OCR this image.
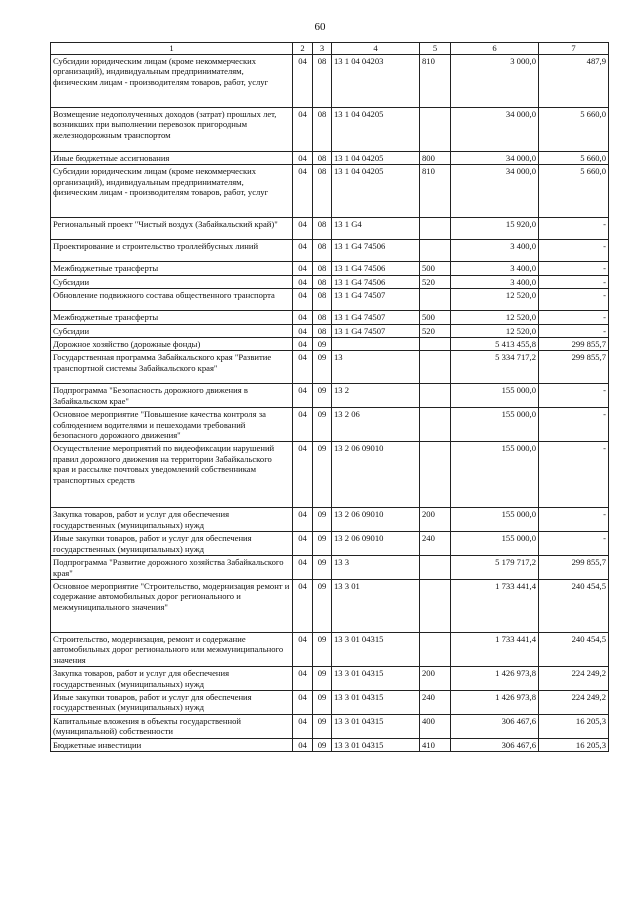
60
1	2	3	4	5	6	7
Субсидии юридическим лицам (кроме некоммерческих организаций), индивидуальным предпринимателям, физическим лицам - производителям товаров, работ, услуг	04	08	13 1 04 04203	810	3 000,0	487,9
Возмещение недополученных доходов (затрат) прошлых лет, возникших при выполнении перевозок пригородным железнодорожным транспортом	04	08	13 1 04 04205		34 000,0	5 660,0
Иные бюджетные ассигнования	04	08	13 1 04 04205	800	34 000,0	5 660,0
Субсидии юридическим лицам (кроме некоммерческих организаций), индивидуальным предпринимателям, физическим лицам - производителям товаров, работ, услуг	04	08	13 1 04 04205	810	34 000,0	5 660,0
Региональный проект "Чистый воздух (Забайкальский край)"	04	08	13 1 G4		15 920,0	-
Проектирование и строительство троллейбусных линий	04	08	13 1 G4 74506		3 400,0	-
Межбюджетные трансферты	04	08	13 1 G4 74506	500	3 400,0	-
Субсидии	04	08	13 1 G4 74506	520	3 400,0	-
Обновление подвижного состава общественного транспорта	04	08	13 1 G4 74507		12 520,0	-
Межбюджетные трансферты	04	08	13 1 G4 74507	500	12 520,0	-
Субсидии	04	08	13 1 G4 74507	520	12 520,0	-
Дорожное хозяйство (дорожные фонды)	04	09			5 413 455,8	299 855,7
Государственная программа Забайкальского края "Развитие транспортной системы Забайкальского края"	04	09	13		5 334 717,2	299 855,7
Подпрограмма "Безопасность дорожного движения в Забайкальском крае"	04	09	13 2		155 000,0	-
Основное мероприятие "Повышение качества контроля за соблюдением водителями и пешеходами требований безопасного дорожного движения"	04	09	13 2 06		155 000,0	-
Осуществление мероприятий по видеофиксации нарушений правил дорожного движения на территории Забайкальского края и рассылке почтовых уведомлений собственникам транспортных средств	04	09	13 2 06 09010		155 000,0	-
Закупка товаров, работ и услуг для обеспечения государственных (муниципальных) нужд	04	09	13 2 06 09010	200	155 000,0	-
Иные закупки товаров, работ и услуг для обеспечения государственных (муниципальных) нужд	04	09	13 2 06 09010	240	155 000,0	-
Подпрограмма "Развитие дорожного хозяйства Забайкальского края"	04	09	13 3		5 179 717,2	299 855,7
Основное мероприятие "Строительство, модернизация ремонт и содержание автомобильных дорог регионального и межмуниципального значения"	04	09	13 3 01		1 733 441,4	240 454,5
Строительство, модернизация, ремонт и содержание автомобильных дорог регионального или межмуниципального значения	04	09	13 3 01 04315		1 733 441,4	240 454,5
Закупка товаров, работ и услуг для обеспечения государственных (муниципальных) нужд	04	09	13 3 01 04315	200	1 426 973,8	224 249,2
Иные закупки товаров, работ и услуг для обеспечения государственных (муниципальных) нужд	04	09	13 3 01 04315	240	1 426 973,8	224 249,2
Капитальные вложения в объекты государственной (муниципальной) собственности	04	09	13 3 01 04315	400	306 467,6	16 205,3
Бюджетные инвестиции	04	09	13 3 01 04315	410	306 467,6	16 205,3
